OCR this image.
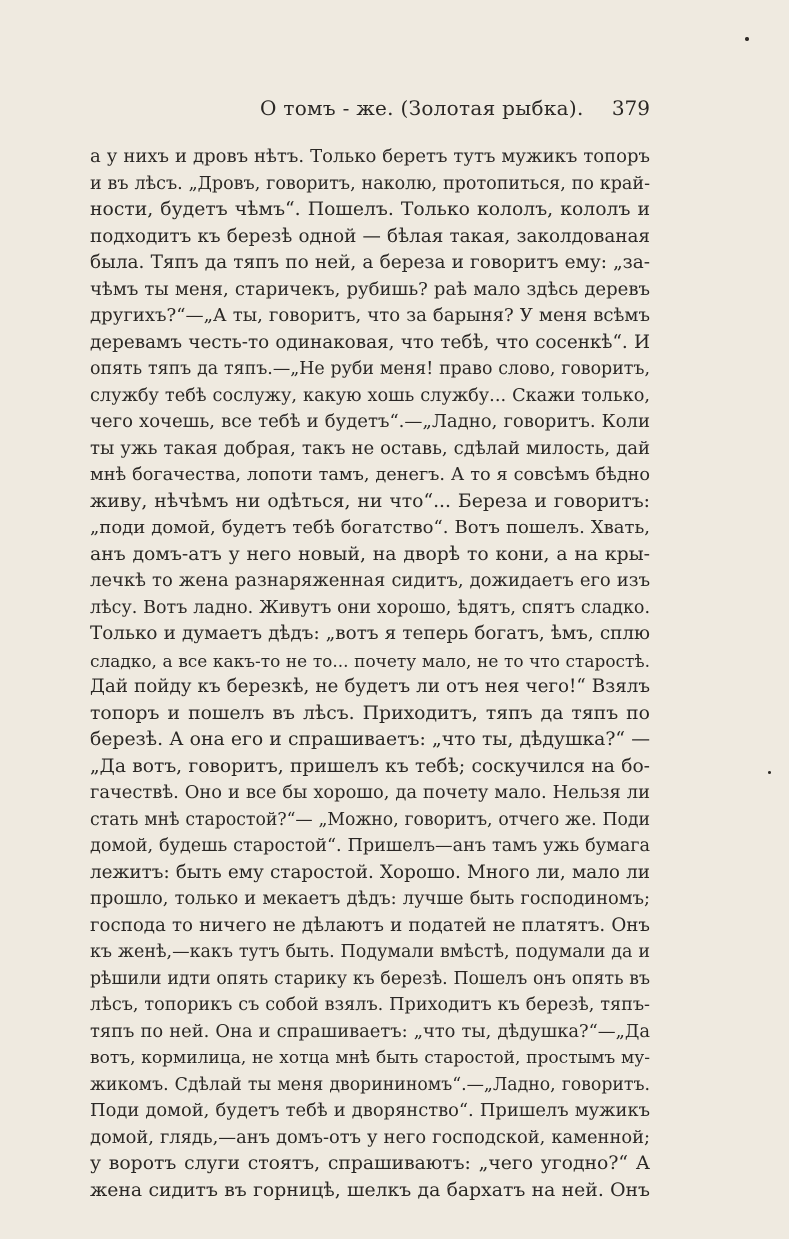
О томъ - же. (Золотая рыбка). 379
а у нихъ и дровъ нѣтъ. Только беретъ тутъ мужикъ топоръ
и въ лѣсъ. „Дровъ, говоритъ, наколю, протопиться, по край-
ности, будетъ чѣмъ“. Пошелъ. Только кололъ, кололъ и
подходитъ къ березѣ одной — бѣлая такая, заколдованая
была. Тяпъ да тяпъ по ней, а береза и говоритъ ему: „за-
чѣмъ ты меня, старичекъ, рубишь? раѣ мало здѣсь деревъ
другихъ?“—„А ты, говоритъ, что за барыня? У меня всѣмъ
деревамъ честь-то одинаковая, что тебѣ, что сосенкѣ“. И
опять тяпъ да тяпъ.—„Не руби меня! право слово, говоритъ,
службу тебѣ сослужу, какую хошь службу... Скажи только,
чего хочешь, все тебѣ и будетъ“.—„Ладно, говоритъ. Коли
ты ужь такая добрая, такъ не оставь, сдѣлай милость, дай
мнѣ богачества, лопоти тамъ, денегъ. А то я совсѣмъ бѣдно
живу, нѣчѣмъ ни одѣться, ни что“... Береза и говоритъ:
„поди домой, будетъ тебѣ богатство“. Вотъ пошелъ. Хвать,
анъ домъ-атъ у него новый, на дворѣ то кони, а на кры-
лечкѣ то жена разнаряженная сидитъ, дожидаетъ его изъ
лѣсу. Вотъ ладно. Живутъ они хорошо, ѣдятъ, спятъ сладко.
Только и думаетъ дѣдъ: „вотъ я теперь богатъ, ѣмъ, сплю
сладко, а все какъ-то не то... почету мало, не то что старостѣ.
Дай пойду къ березкѣ, не будетъ ли отъ нея чего!“ Взялъ
топоръ и пошелъ въ лѣсъ. Приходитъ, тяпъ да тяпъ по
березѣ. А она его и спрашиваетъ: „что ты, дѣдушка?“ —
„Да вотъ, говоритъ, пришелъ къ тебѣ; соскучился на бо-
гачествѣ. Оно и все бы хорошо, да почету мало. Нельзя ли
стать мнѣ старостой?“— „Можно, говоритъ, отчего же. Поди
домой, будешь старостой“. Пришелъ—анъ тамъ ужь бумага
лежитъ: быть ему старостой. Хорошо. Много ли, мало ли
прошло, только и мекаетъ дѣдъ: лучше быть господиномъ;
господа то ничего не дѣлаютъ и податей не платятъ. Онъ
къ женѣ,—какъ тутъ быть. Подумали вмѣстѣ, подумали да и
рѣшили идти опять старику къ березѣ. Пошелъ онъ опять въ
лѣсъ, топорикъ съ собой взялъ. Приходитъ къ березѣ, тяпъ-
тяпъ по ней. Она и спрашиваетъ: „что ты, дѣдушка?“—„Да
вотъ, кормилица, не хотца мнѣ быть старостой, простымъ му-
жикомъ. Сдѣлай ты меня дворининомъ“.—„Ладно, говоритъ.
Поди домой, будетъ тебѣ и дворянство“. Пришелъ мужикъ
домой, глядь,—анъ домъ-отъ у него господской, каменной;
у воротъ слуги стоятъ, спрашиваютъ: „чего угодно?“ А
жена сидитъ въ горницѣ, шелкъ да бархатъ на ней. Онъ
